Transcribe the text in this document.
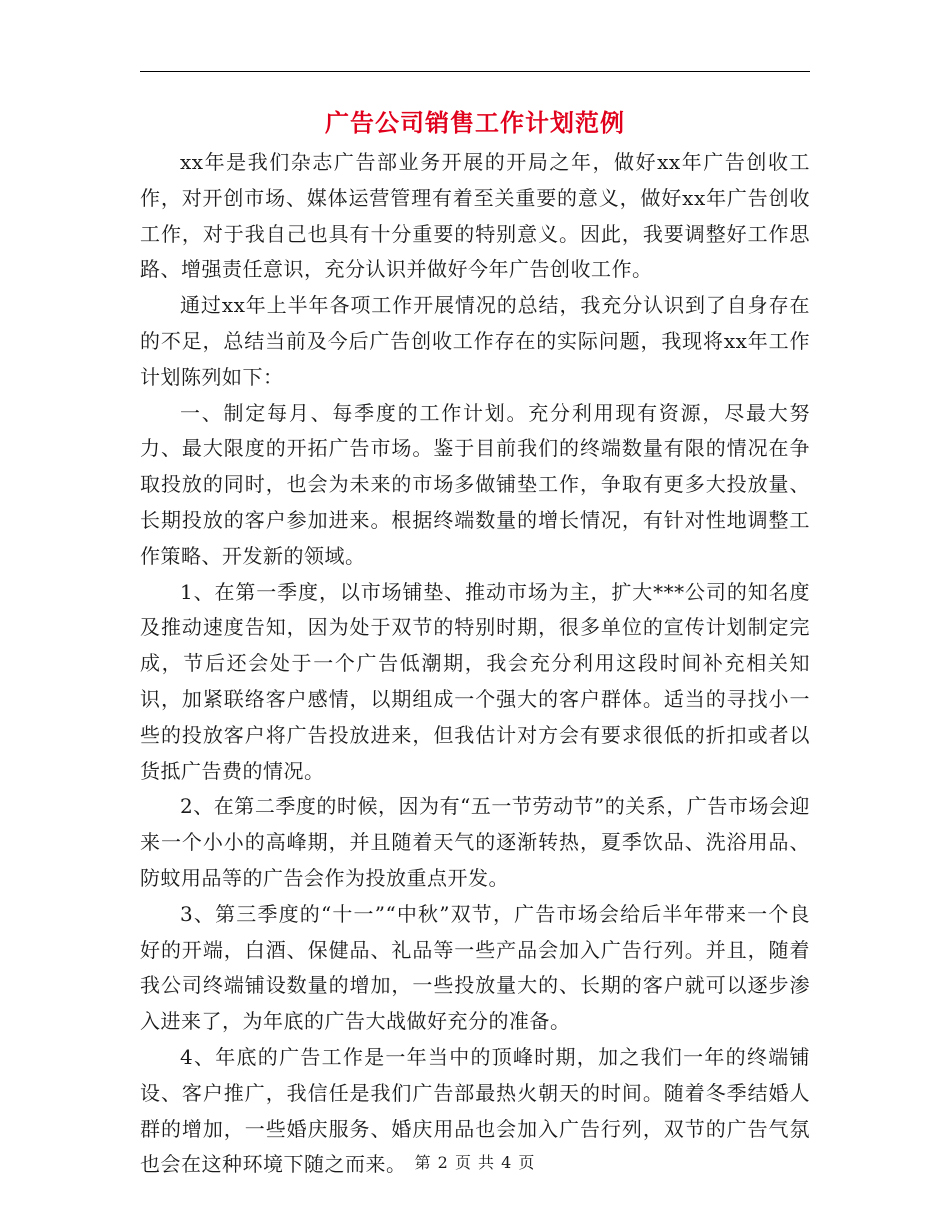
广告公司销售工作计划范例

xx年是我们杂志广告部业务开展的开局之年，做好xx年广告创收工作，对开创市场、媒体运营管理有着至关重要的意义，做好xx年广告创收工作，对于我自己也具有十分重要的特别意义。因此，我要调整好工作思路、增强责任意识，充分认识并做好今年广告创收工作。

通过xx年上半年各项工作开展情况的总结，我充分认识到了自身存在的不足，总结当前及今后广告创收工作存在的实际问题，我现将xx年工作计划陈列如下：

一、制定每月、每季度的工作计划。充分利用现有资源，尽最大努力、最大限度的开拓广告市场。鉴于目前我们的终端数量有限的情况在争取投放的同时，也会为未来的市场多做铺垫工作，争取有更多大投放量、长期投放的客户参加进来。根据终端数量的增长情况，有针对性地调整工作策略、开发新的领域。

1、在第一季度，以市场铺垫、推动市场为主，扩大***公司的知名度及推动速度告知，因为处于双节的特别时期，很多单位的宣传计划制定完成，节后还会处于一个广告低潮期，我会充分利用这段时间补充相关知识，加紧联络客户感情，以期组成一个强大的客户群体。适当的寻找小一些的投放客户将广告投放进来，但我估计对方会有要求很低的折扣或者以货抵广告费的情况。

2、在第二季度的时候，因为有“五一节劳动节”的关系，广告市场会迎来一个小小的高峰期，并且随着天气的逐渐转热，夏季饮品、洗浴用品、防蚊用品等的广告会作为投放重点开发。

3、第三季度的“十一”“中秋”双节，广告市场会给后半年带来一个良好的开端，白酒、保健品、礼品等一些产品会加入广告行列。并且，随着我公司终端铺设数量的增加，一些投放量大的、长期的客户就可以逐步渗入进来了，为年底的广告大战做好充分的准备。

4、年底的广告工作是一年当中的顶峰时期，加之我们一年的终端铺设、客户推广，我信任是我们广告部最热火朝天的时间。随着冬季结婚人群的增加，一些婚庆服务、婚庆用品也会加入广告行列，双节的广告气氛也会在这种环境下随之而来。 第 2 页 共 4 页
